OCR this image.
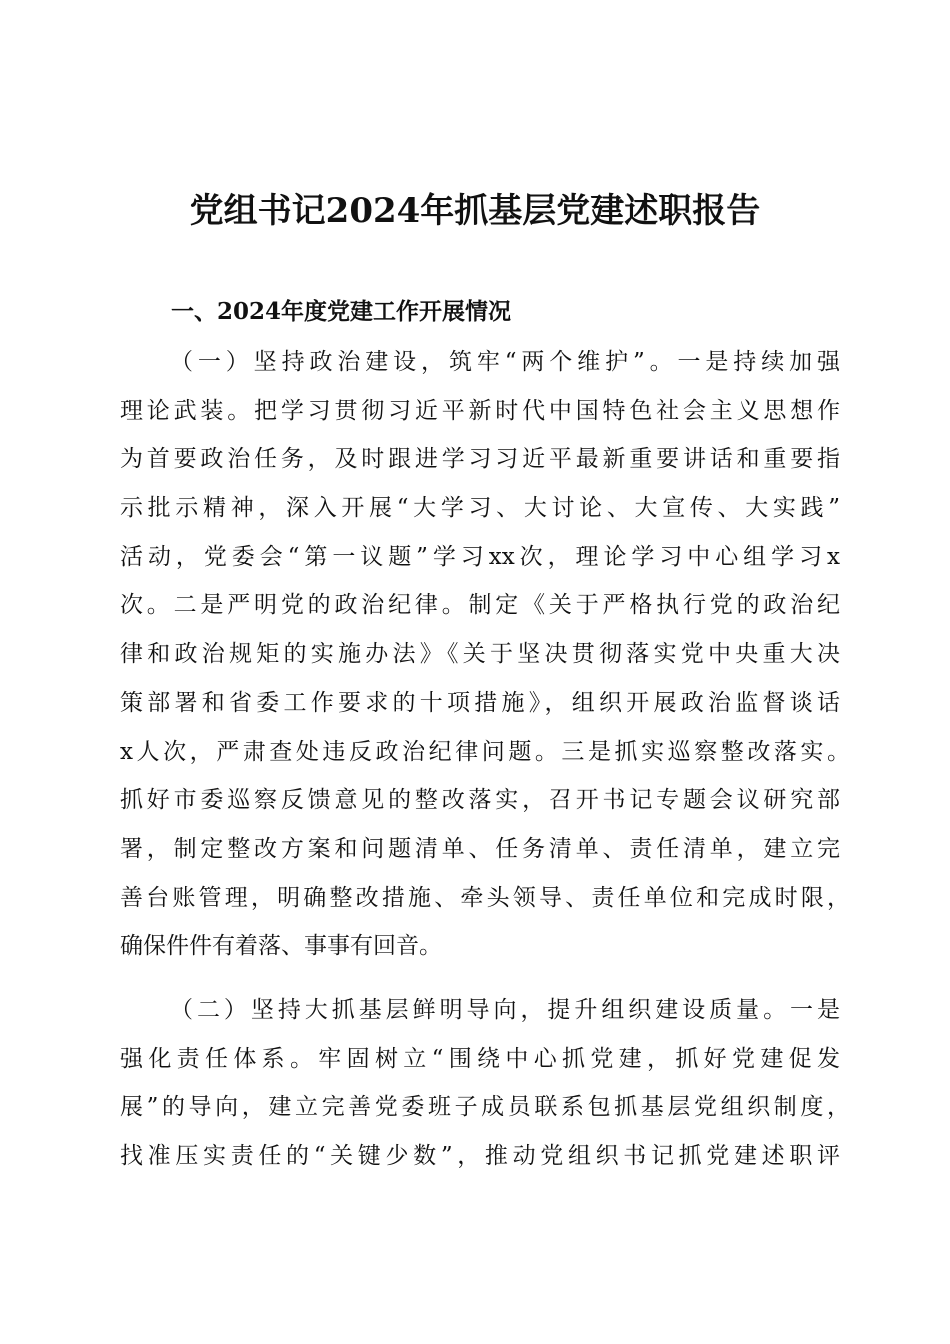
党组书记2024年抓基层党建述职报告
一、2024年度党建工作开展情况
（一）坚持政治建设，筑牢“两个维护”。一是持续加强
理论武装。把学习贯彻习近平新时代中国特色社会主义思想作
为首要政治任务，及时跟进学习习近平最新重要讲话和重要指
示批示精神，深入开展“大学习、大讨论、大宣传、大实践”
活动，党委会“第一议题”学习xx次，理论学习中心组学习x
次。二是严明党的政治纪律。制定《关于严格执行党的政治纪
律和政治规矩的实施办法》《关于坚决贯彻落实党中央重大决
策部署和省委工作要求的十项措施》，组织开展政治监督谈话
x人次，严肃查处违反政治纪律问题。三是抓实巡察整改落实。
抓好市委巡察反馈意见的整改落实，召开书记专题会议研究部
署，制定整改方案和问题清单、任务清单、责任清单，建立完
善台账管理，明确整改措施、牵头领导、责任单位和完成时限，
确保件件有着落、事事有回音。
（二）坚持大抓基层鲜明导向，提升组织建设质量。一是
强化责任体系。牢固树立“围绕中心抓党建，抓好党建促发
展”的导向，建立完善党委班子成员联系包抓基层党组织制度，
找准压实责任的“关键少数”，推动党组织书记抓党建述职评
